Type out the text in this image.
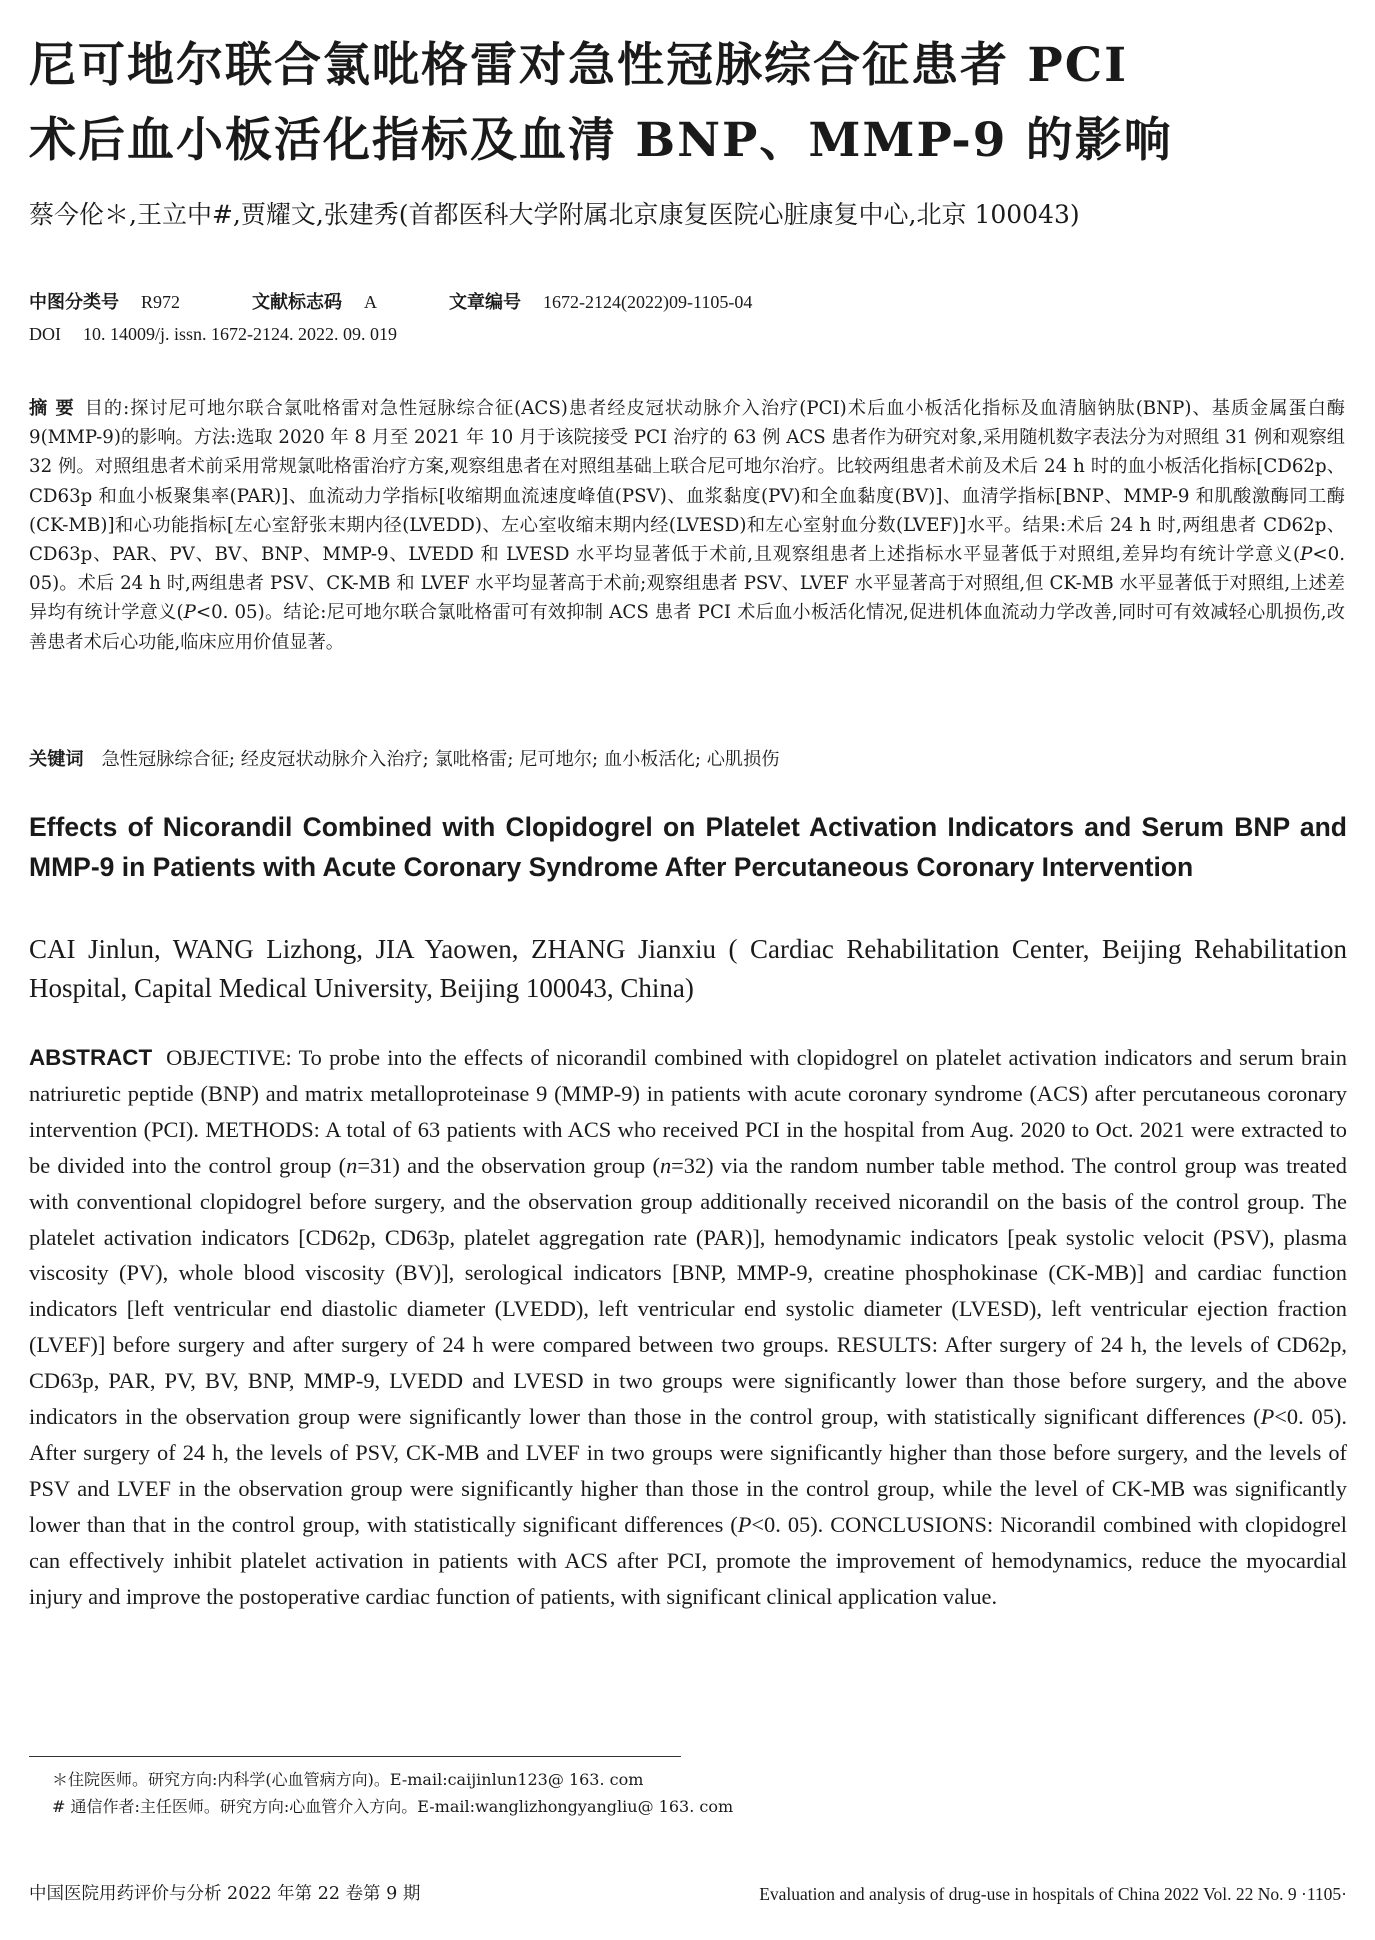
尼可地尔联合氯吡格雷对急性冠脉综合征患者 PCI
术后血小板活化指标及血清 BNP、MMP-9 的影响
蔡今伦＊,王立中#,贾耀文,张建秀(首都医科大学附属北京康复医院心脏康复中心,北京 100043)
中图分类号 R972	文献标志码 A	文章编号 1672-2124(2022)09-1105-04
DOI 10. 14009/j. issn. 1672-2124. 2022. 09. 019
摘 要 目的:探讨尼可地尔联合氯吡格雷对急性冠脉综合征(ACS)患者经皮冠状动脉介入治疗(PCI)术后血小板活化指标及血清脑钠肽(BNP)、基质金属蛋白酶 9(MMP-9)的影响。方法:选取 2020 年 8 月至 2021 年 10 月于该院接受 PCI 治疗的 63 例 ACS 患者作为研究对象,采用随机数字表法分为对照组 31 例和观察组 32 例。对照组患者术前采用常规氯吡格雷治疗方案,观察组患者在对照组基础上联合尼可地尔治疗。比较两组患者术前及术后 24 h 时的血小板活化指标[CD62p、CD63p 和血小板聚集率(PAR)]、血流动力学指标[收缩期血流速度峰值(PSV)、血浆黏度(PV)和全血黏度(BV)]、血清学指标[BNP、MMP-9 和肌酸激酶同工酶(CK-MB)]和心功能指标[左心室舒张末期内径(LVEDD)、左心室收缩末期内经(LVESD)和左心室射血分数(LVEF)]水平。结果:术后 24 h 时,两组患者 CD62p、CD63p、PAR、PV、BV、BNP、MMP-9、LVEDD 和 LVESD 水平均显著低于术前,且观察组患者上述指标水平显著低于对照组,差异均有统计学意义(P<0. 05)。术后 24 h 时,两组患者 PSV、CK-MB 和 LVEF 水平均显著高于术前;观察组患者 PSV、LVEF 水平显著高于对照组,但 CK-MB 水平显著低于对照组,上述差异均有统计学意义(P<0. 05)。结论:尼可地尔联合氯吡格雷可有效抑制 ACS 患者 PCI 术后血小板活化情况,促进机体血流动力学改善,同时可有效减轻心肌损伤,改善患者术后心功能,临床应用价值显著。
关键词 急性冠脉综合征; 经皮冠状动脉介入治疗; 氯吡格雷; 尼可地尔; 血小板活化; 心肌损伤
Effects of Nicorandil Combined with Clopidogrel on Platelet Activation Indicators and Serum BNP and MMP-9 in Patients with Acute Coronary Syndrome After Percutaneous Coronary Intervention
CAI Jinlun, WANG Lizhong, JIA Yaowen, ZHANG Jianxiu ( Cardiac Rehabilitation Center, Beijing Rehabilitation Hospital, Capital Medical University, Beijing 100043, China)
ABSTRACT OBJECTIVE: To probe into the effects of nicorandil combined with clopidogrel on platelet activation indicators and serum brain natriuretic peptide (BNP) and matrix metalloproteinase 9 (MMP-9) in patients with acute coronary syndrome (ACS) after percutaneous coronary intervention (PCI). METHODS: A total of 63 patients with ACS who received PCI in the hospital from Aug. 2020 to Oct. 2021 were extracted to be divided into the control group (n=31) and the observation group (n=32) via the random number table method. The control group was treated with conventional clopidogrel before surgery, and the observation group additionally received nicorandil on the basis of the control group. The platelet activation indicators [CD62p, CD63p, platelet aggregation rate (PAR)], hemodynamic indicators [peak systolic velocit (PSV), plasma viscosity (PV), whole blood viscosity (BV)], serological indicators [BNP, MMP-9, creatine phosphokinase (CK-MB)] and cardiac function indicators [left ventricular end diastolic diameter (LVEDD), left ventricular end systolic diameter (LVESD), left ventricular ejection fraction (LVEF)] before surgery and after surgery of 24 h were compared between two groups. RESULTS: After surgery of 24 h, the levels of CD62p, CD63p, PAR, PV, BV, BNP, MMP-9, LVEDD and LVESD in two groups were significantly lower than those before surgery, and the above indicators in the observation group were significantly lower than those in the control group, with statistically significant differences (P<0. 05). After surgery of 24 h, the levels of PSV, CK-MB and LVEF in two groups were significantly higher than those before surgery, and the levels of PSV and LVEF in the observation group were significantly higher than those in the control group, while the level of CK-MB was significantly lower than that in the control group, with statistically significant differences (P<0. 05). CONCLUSIONS: Nicorandil combined with clopidogrel can effectively inhibit platelet activation in patients with ACS after PCI, promote the improvement of hemodynamics, reduce the myocardial injury and improve the postoperative cardiac function of patients, with significant clinical application value.
＊住院医师。研究方向:内科学(心血管病方向)。E-mail:caijinlun123@ 163. com
# 通信作者:主任医师。研究方向:心血管介入方向。E-mail:wanglizhongyangliu@ 163. com
中国医院用药评价与分析 2022 年第 22 卷第 9 期	Evaluation and analysis of drug-use in hospitals of China 2022 Vol. 22 No. 9 ·1105·
